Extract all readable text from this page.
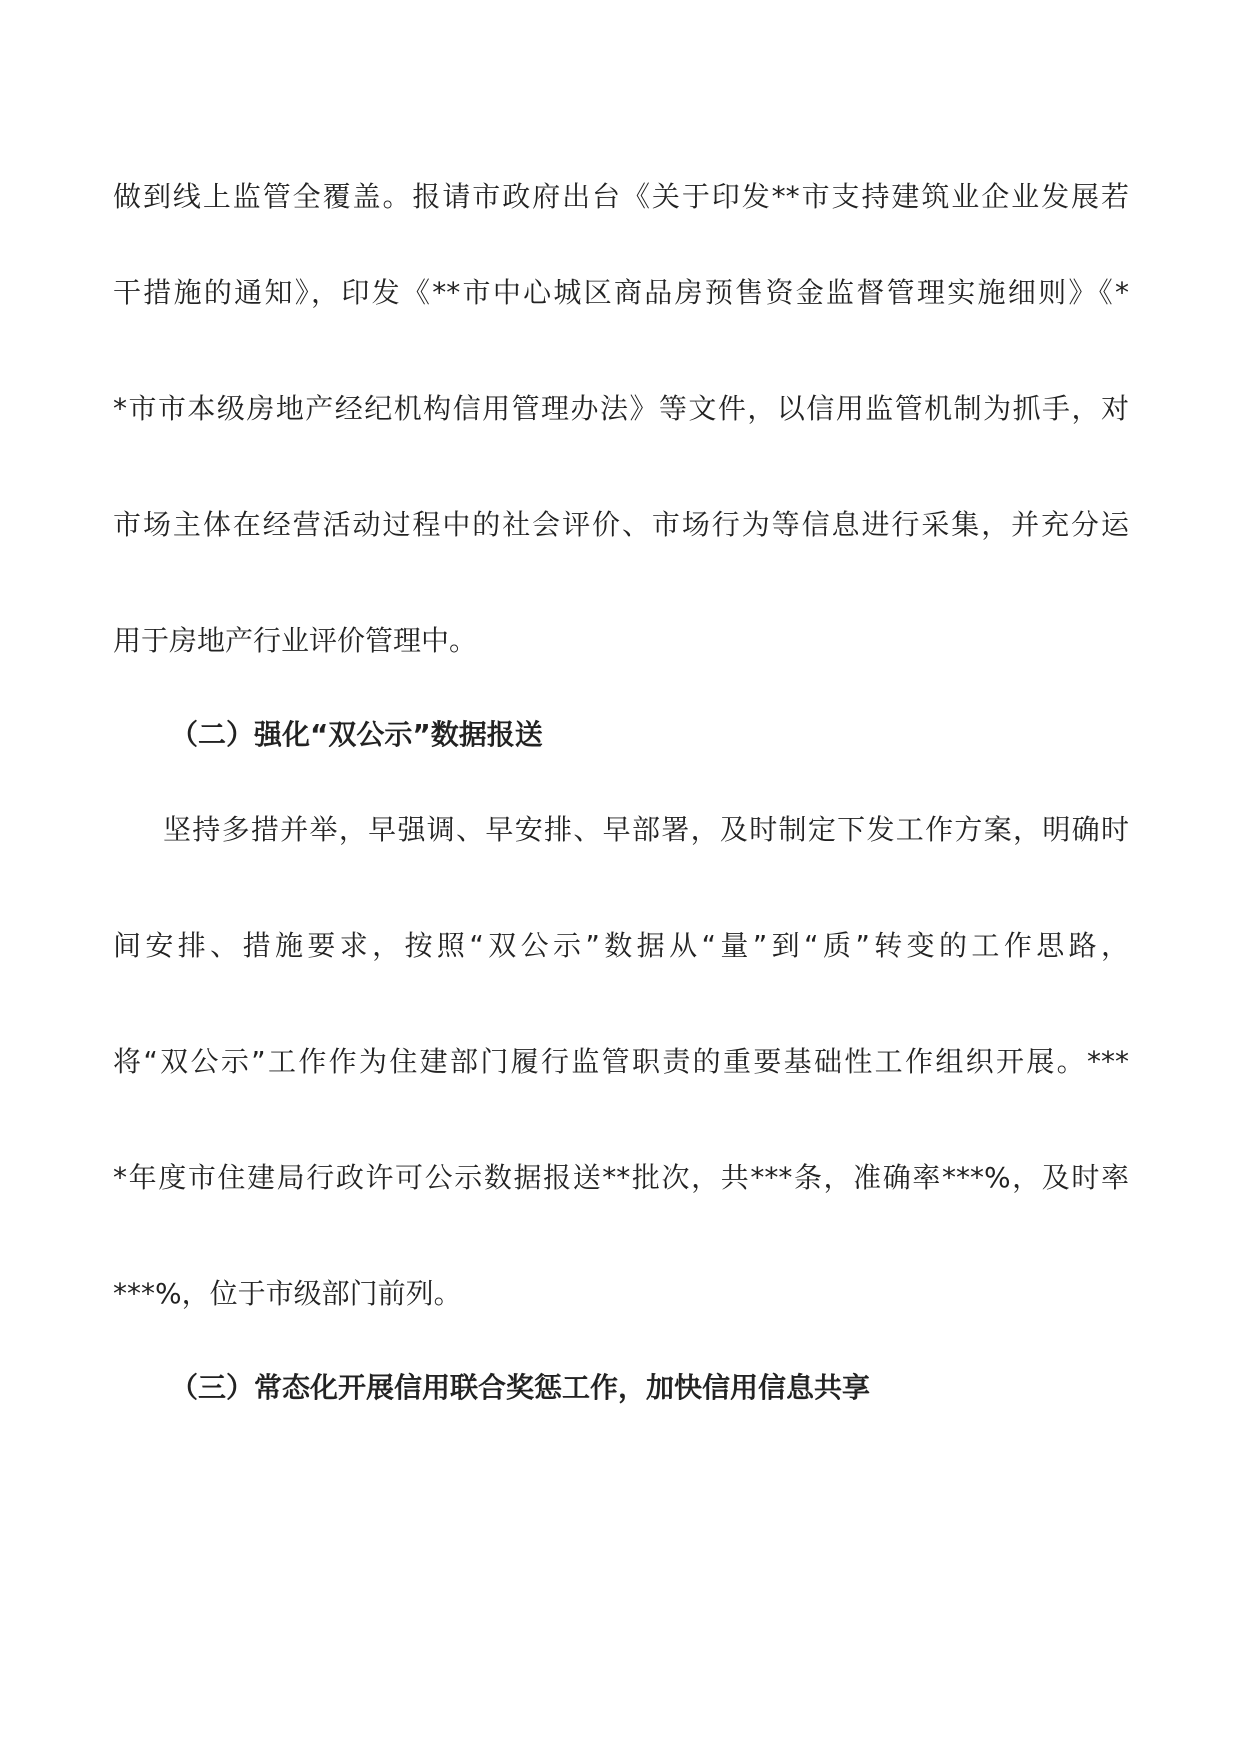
做到线上监管全覆盖。报请市政府出台《关于印发**市支持建筑业企业发展若
干措施的通知》，印发《**市中心城区商品房预售资金监督管理实施细则》《*
*市市本级房地产经纪机构信用管理办法》等文件，以信用监管机制为抓手，对
市场主体在经营活动过程中的社会评价、市场行为等信息进行采集，并充分运
用于房地产行业评价管理中。
（二）强化“双公示”数据报送
坚持多措并举，早强调、早安排、早部署，及时制定下发工作方案，明确时
间安排、措施要求，按照“双公示”数据从“量”到“质”转变的工作思路，
将“双公示”工作作为住建部门履行监管职责的重要基础性工作组织开展。***
*年度市住建局行政许可公示数据报送**批次，共***条，准确率***%，及时率
***%，位于市级部门前列。
（三）常态化开展信用联合奖惩工作，加快信用信息共享
